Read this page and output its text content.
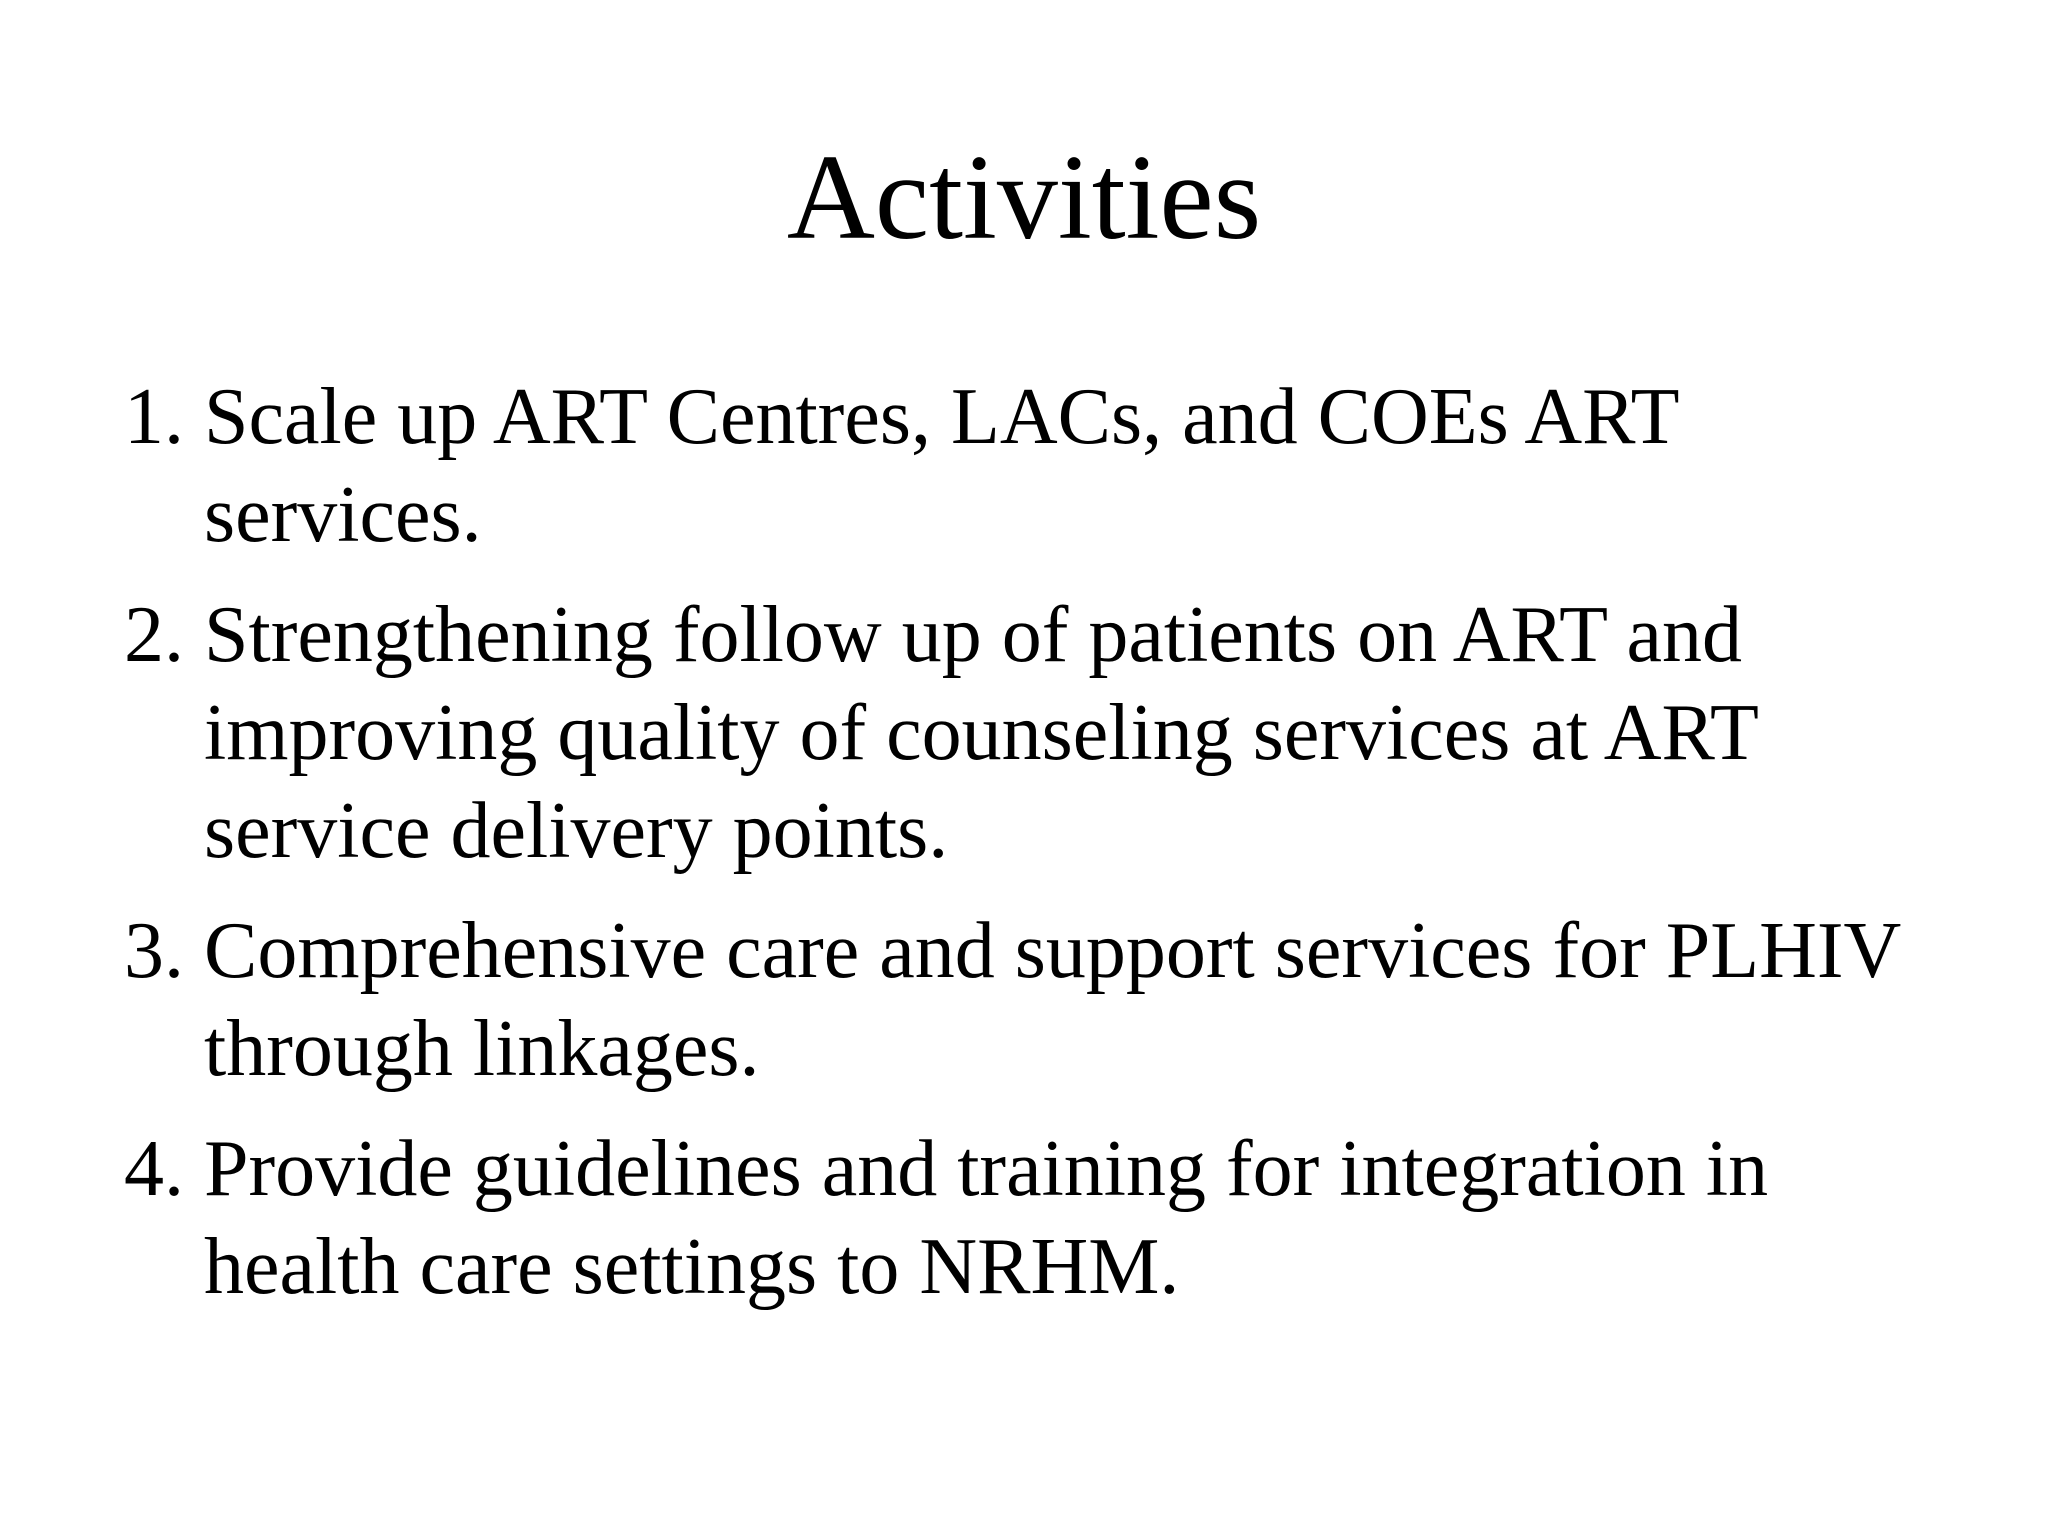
Activities
1. Scale up ART Centres, LACs, and COEs ART services.
2. Strengthening follow up of patients on ART and improving quality of counseling services at ART service delivery points.
3. Comprehensive care and support services for PLHIV through linkages.
4. Provide guidelines and training for integration in health care settings to NRHM.
